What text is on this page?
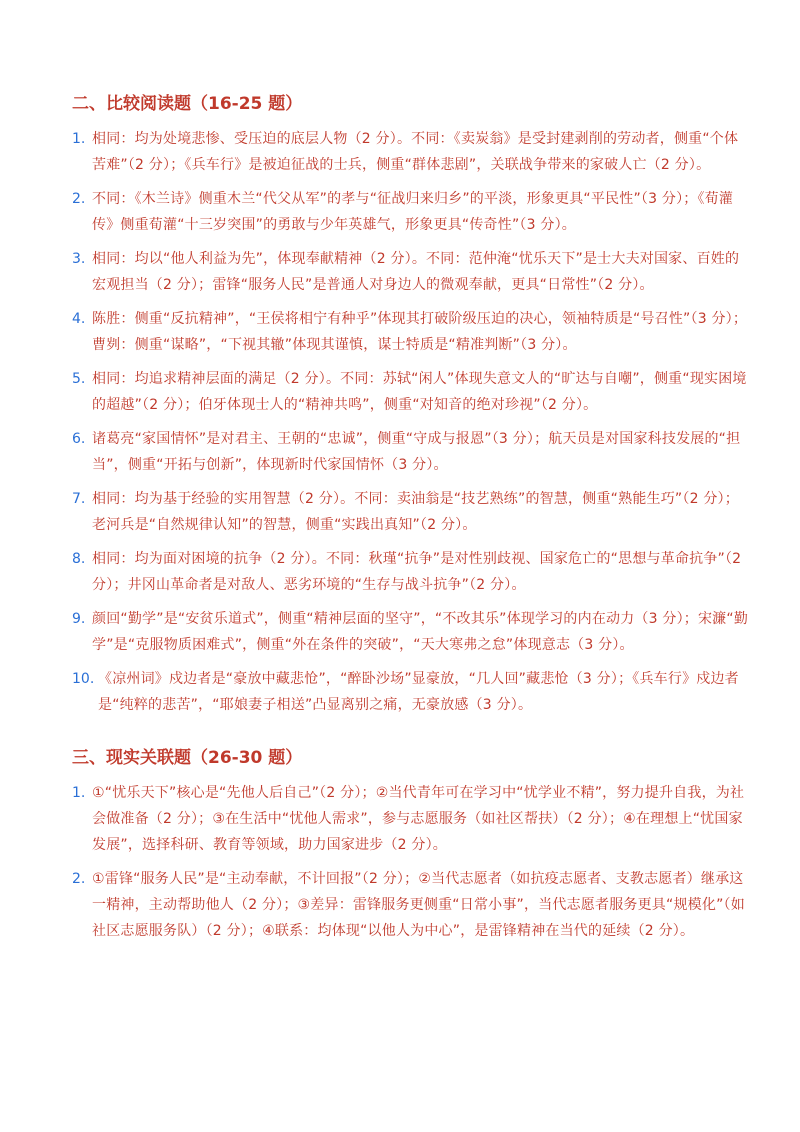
二、比较阅读题（16-25 题）
1. 相同：均为处境悲惨、受压迫的底层人物（2 分）。不同：《卖炭翁》是受封建剥削的劳动者，侧重“个体苦难”（2 分）；《兵车行》是被迫征战的士兵，侧重“群体悲剧”，关联战争带来的家破人亡（2 分）。
2. 不同：《木兰诗》侧重木兰“代父从军”的孝与“征战归来归乡”的平淡，形象更具“平民性”（3 分）；《荀灌传》侧重荀灌“十三岁突围”的勇敢与少年英雄气，形象更具“传奇性”（3 分）。
3. 相同：均以“他人利益为先”，体现奉献精神（2 分）。不同：范仲淹“忧乐天下”是士大夫对国家、百姓的宏观担当（2 分）；雷锋“服务人民”是普通人对身边人的微观奉献，更具“日常性”（2 分）。
4. 陈胜：侧重“反抗精神”，“王侯将相宁有种乎”体现其打破阶级压迫的决心，领袖特质是“号召性”（3 分）；曹刿：侧重“谋略”，“下视其辙”体现其谨慎，谋士特质是“精准判断”（3 分）。
5. 相同：均追求精神层面的满足（2 分）。不同：苏轼“闲人”体现失意文人的“旷达与自嘲”，侧重“现实困境的超越”（2 分）；伯牙体现士人的“精神共鸣”，侧重“对知音的绝对珍视”（2 分）。
6. 诸葛亮“家国情怀”是对君主、王朝的“忠诚”，侧重“守成与报恩”（3 分）；航天员是对国家科技发展的“担当”，侧重“开拓与创新”，体现新时代家国情怀（3 分）。
7. 相同：均为基于经验的实用智慧（2 分）。不同：卖油翁是“技艺熟练”的智慧，侧重“熟能生巧”（2 分）；老河兵是“自然规律认知”的智慧，侧重“实践出真知”（2 分）。
8. 相同：均为面对困境的抗争（2 分）。不同：秋瑾“抗争”是对性别歧视、国家危亡的“思想与革命抗争”（2 分）；井冈山革命者是对敌人、恶劣环境的“生存与战斗抗争”（2 分）。
9. 颜回“勤学”是“安贫乐道式”，侧重“精神层面的坚守”，“不改其乐”体现学习的内在动力（3 分）；宋濂“勤学”是“克服物质困难式”，侧重“外在条件的突破”，“天大寒弗之怠”体现意志（3 分）。
10. 《凉州词》戍边者是“豪放中藏悲怆”，“醉卧沙场”显豪放，“几人回”藏悲怆（3 分）；《兵车行》戍边者是“纯粹的悲苦”，“耶娘妻子相送”凸显离别之痛，无豪放感（3 分）。
三、现实关联题（26-30 题）
1. ①“忧乐天下”核心是“先他人后自己”（2 分）；②当代青年可在学习中“忧学业不精”，努力提升自我，为社会做准备（2 分）；③在生活中“忧他人需求”，参与志愿服务（如社区帮扶）（2 分）；④在理想上“忧国家发展”，选择科研、教育等领域，助力国家进步（2 分）。
2. ①雷锋“服务人民”是“主动奉献，不计回报”（2 分）；②当代志愿者（如抗疫志愿者、支教志愿者）继承这一精神，主动帮助他人（2 分）；③差异：雷锋服务更侧重“日常小事”，当代志愿者服务更具“规模化”（如社区志愿服务队）（2 分）；④联系：均体现“以他人为中心”，是雷锋精神在当代的延续（2 分）。
